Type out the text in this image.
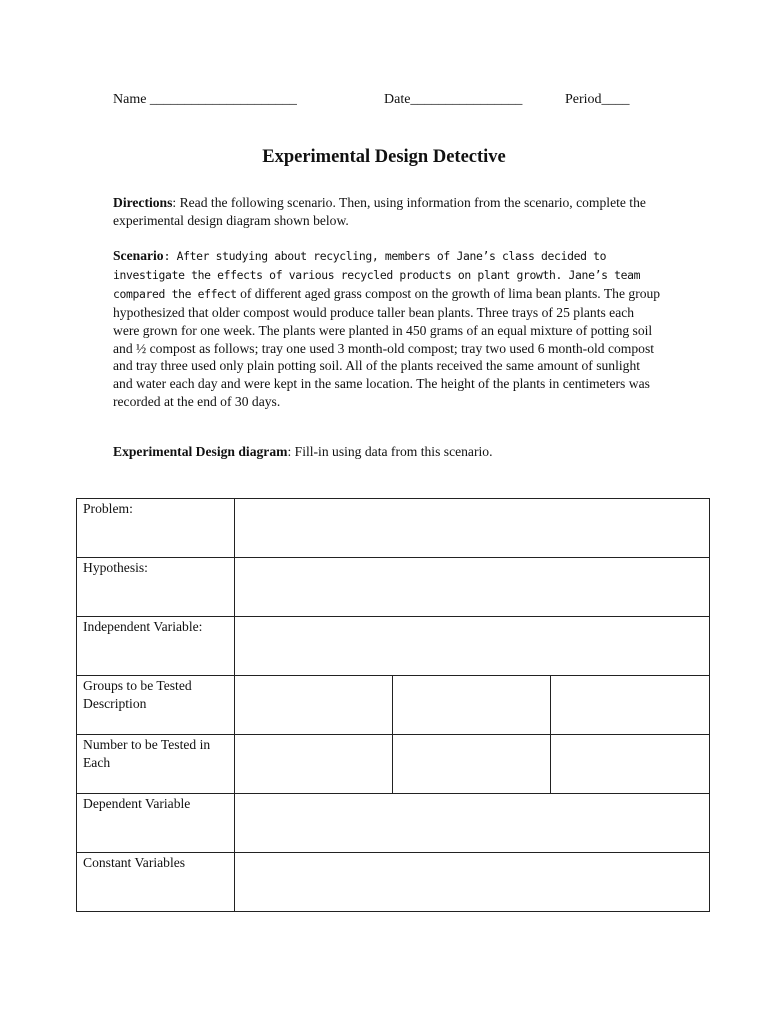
Name _____________________	Date________________	Period____
Experimental Design Detective
Directions: Read the following scenario. Then, using information from the scenario, complete the experimental design diagram shown below.
Scenario: After studying about recycling, members of Jane’s class decided to investigate the effects of various recycled products on plant growth. Jane’s team compared the effect of different aged grass compost on the growth of lima bean plants. The group hypothesized that older compost would produce taller bean plants. Three trays of 25 plants each were grown for one week. The plants were planted in 450 grams of an equal mixture of potting soil and ½ compost as follows; tray one used 3 month-old compost; tray two used 6 month-old compost and tray three used only plain potting soil. All of the plants received the same amount of sunlight and water each day and were kept in the same location. The height of the plants in centimeters was recorded at the end of 30 days.
Experimental Design diagram: Fill-in using data from this scenario.
Problem:			
Hypothesis:			
Independent Variable:			
Groups to be Tested Description			
Number to be Tested in Each			
Dependent Variable			
Constant Variables			
